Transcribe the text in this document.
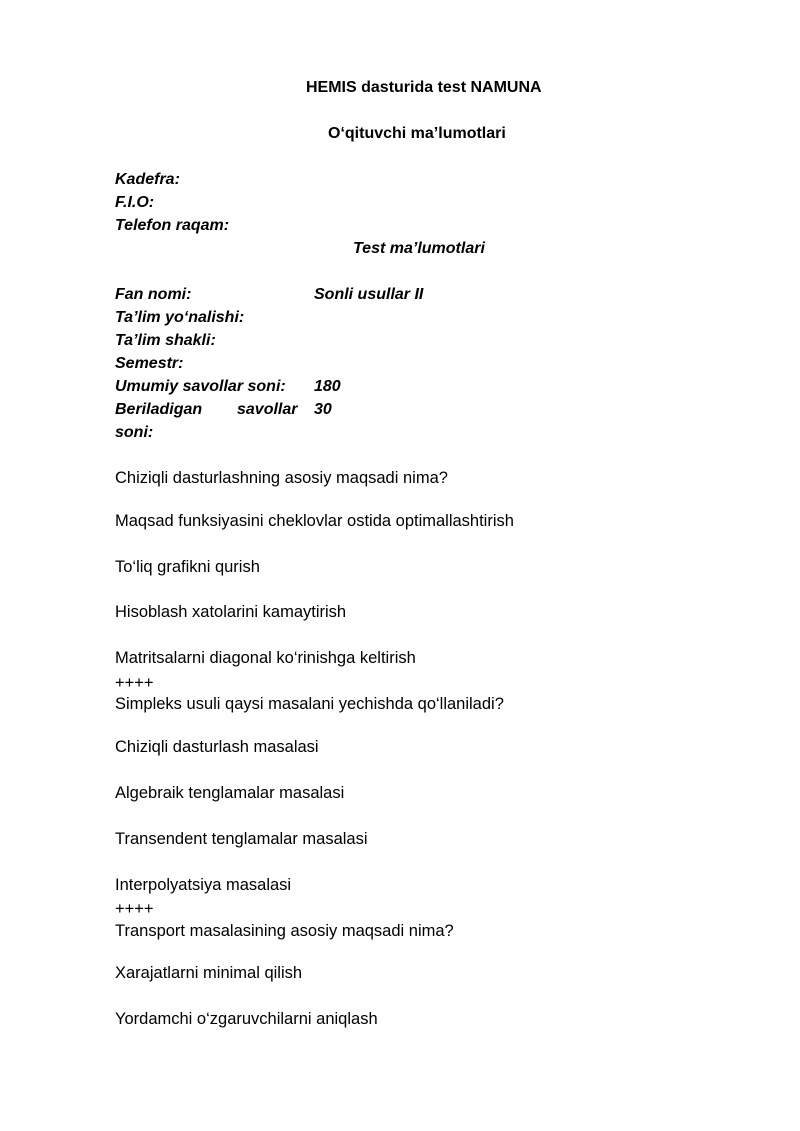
HEMIS dasturida test NAMUNA
O‘qituvchi ma’lumotlari
Kadefra:
F.I.O:
Telefon raqam:
Test ma’lumotlari
Fan nomi:	Sonli usullar II
Ta’lim yo‘nalishi:
Ta’lim shakli:
Semestr:
Umumiy savollar soni: 180
Beriladigan savollar 30
soni:
Chiziqli dasturlashning asosiy maqsadi nima?
Maqsad funksiyasini cheklovlar ostida optimallashtirish
To‘liq grafikni qurish
Hisoblash xatolarini kamaytirish
Matritsalarni diagonal ko‘rinishga keltirish
++++
Simpleks usuli qaysi masalani yechishda qo‘llaniladi?
Chiziqli dasturlash masalasi
Algebraik tenglamalar masalasi
Transendent tenglamalar masalasi
Interpolyatsiya masalasi
++++
Transport masalasining asosiy maqsadi nima?
Xarajatlarni minimal qilish
Yordamchi o‘zgaruvchilarni aniqlash
